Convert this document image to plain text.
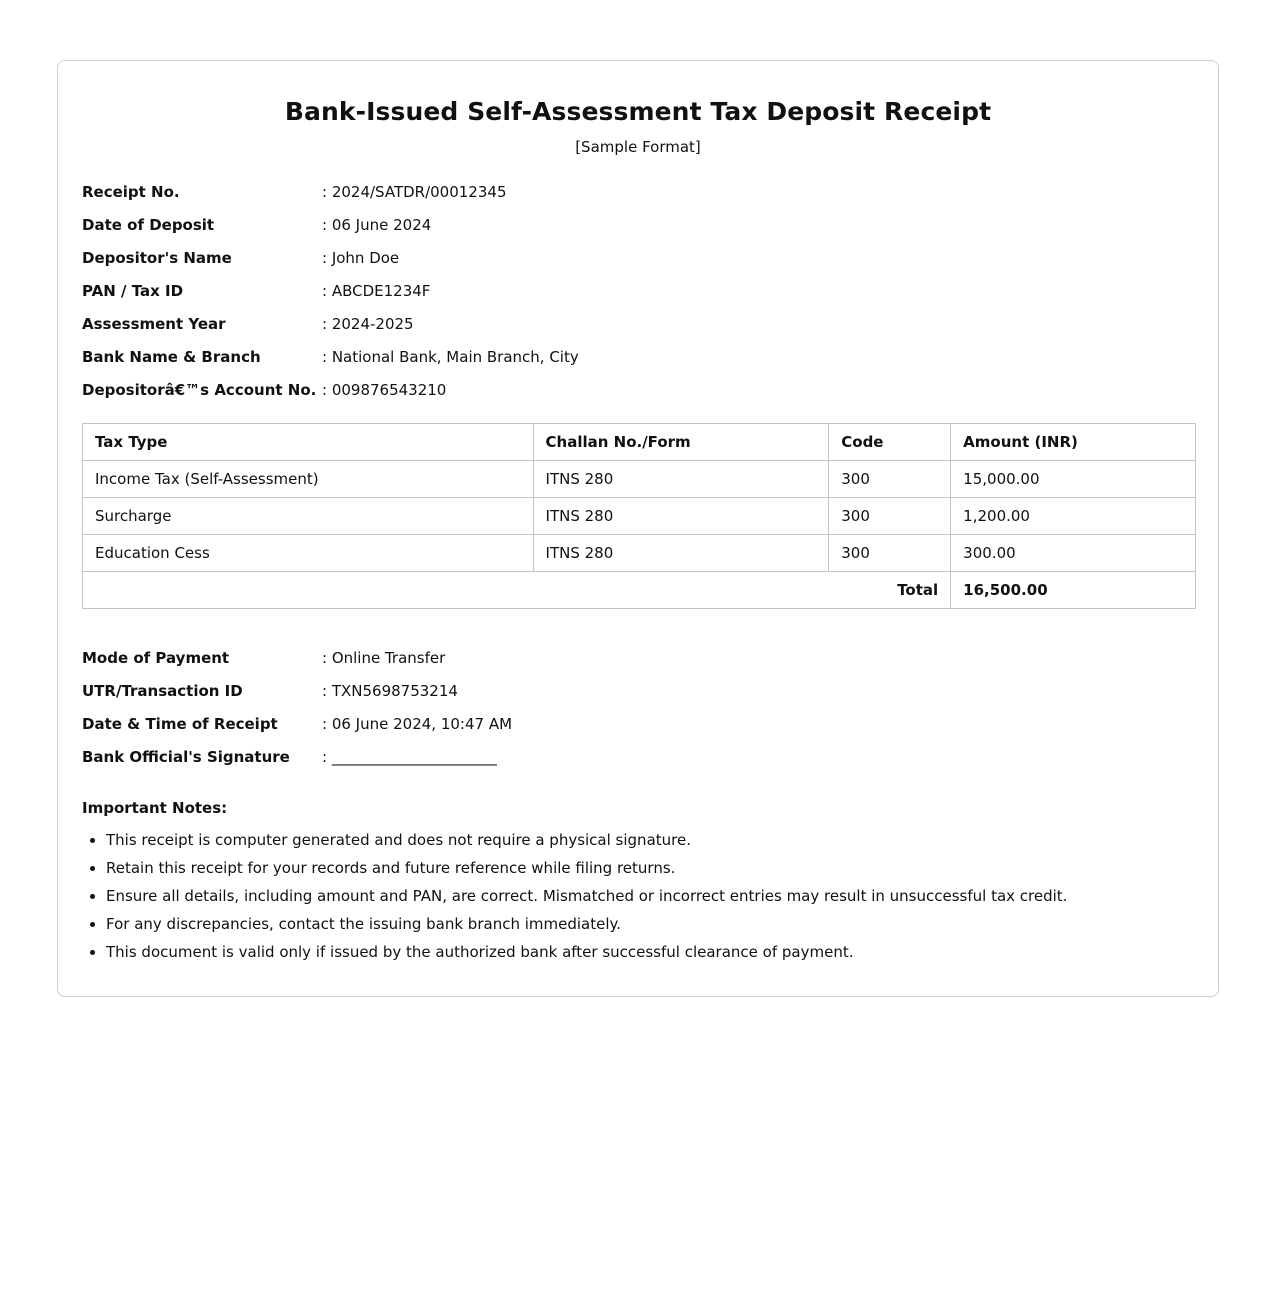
Bank-Issued Self-Assessment Tax Deposit Receipt
[Sample Format]
Receipt No.	: 2024/SATDR/00012345
Date of Deposit	: 06 June 2024
Depositor's Name	: John Doe
PAN / Tax ID	: ABCDE1234F
Assessment Year	: 2024-2025
Bank Name & Branch	: National Bank, Main Branch, City
Depositorâ€™s Account No. : 009876543210
Tax Type	Challan No./Form	Code	Amount (INR)
Income Tax (Self-Assessment)	ITNS 280	300	15,000.00
Surcharge	ITNS 280	300	1,200.00
Education Cess	ITNS 280	300	300.00
Total			16,500.00
Mode of Payment	: Online Transfer
UTR/Transaction ID	: TXN5698753214
Date & Time of Receipt	: 06 June 2024, 10:47 AM
Bank Official's Signature : ______________________
Important Notes:
• This receipt is computer generated and does not require a physical signature.
• Retain this receipt for your records and future reference while filing returns.
• Ensure all details, including amount and PAN, are correct. Mismatched or incorrect entries may result in unsuccessful tax credit.
• For any discrepancies, contact the issuing bank branch immediately.
• This document is valid only if issued by the authorized bank after successful clearance of payment.
